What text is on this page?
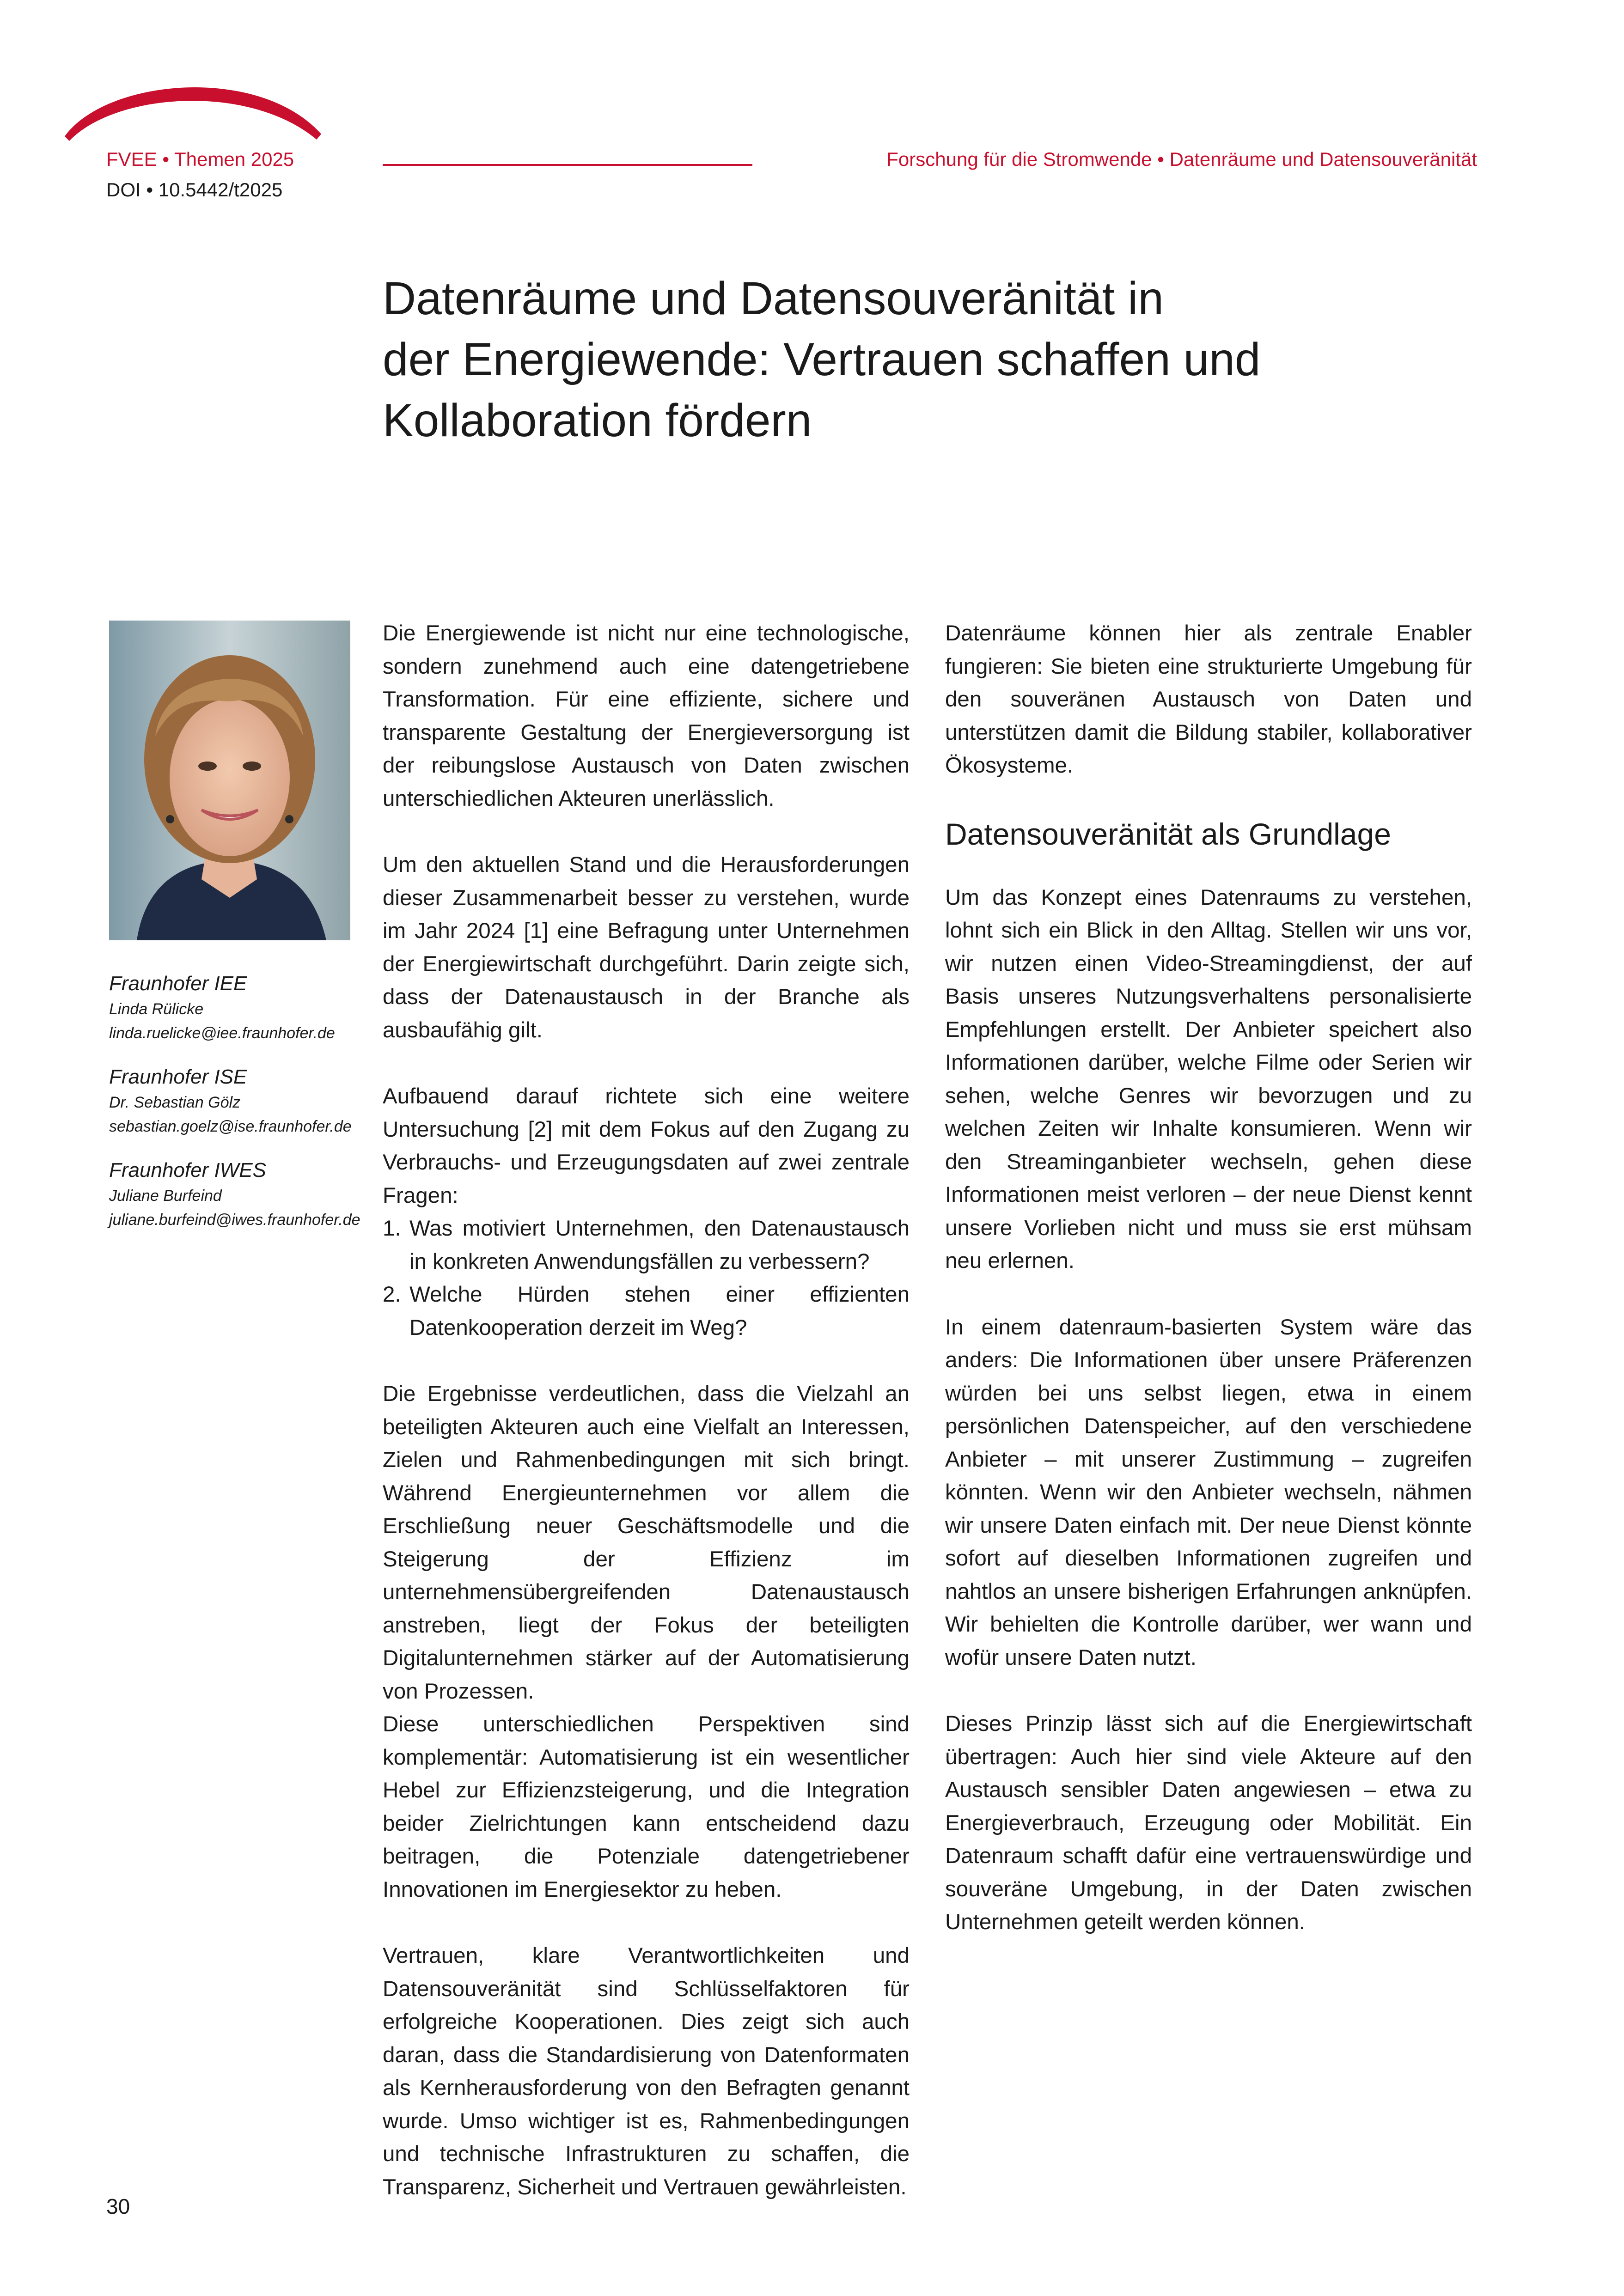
FVEE • Themen 2025
DOI • 10.5442/t2025
Forschung für die Stromwende • Datenräume und Datensouveränität
Datenräume und Datensouveränität in
der Energiewende: Vertrauen schaffen und
Kollaboration fördern
Fraunhofer IEE
Linda Rülicke
linda.ruelicke@iee.fraunhofer.de
Fraunhofer ISE
Dr. Sebastian Gölz
sebastian.goelz@ise.fraunhofer.de
Fraunhofer IWES
Juliane Burfeind
juliane.burfeind@iwes.fraunhofer.de

Die Energiewende ist nicht nur eine technologische, sondern zunehmend auch eine datengetriebene Transformation. Für eine effiziente, sichere und transparente Gestaltung der Energieversorgung ist der reibungslose Austausch von Daten zwischen unterschiedlichen Akteuren unerlässlich.

Um den aktuellen Stand und die Herausforderungen dieser Zusammenarbeit besser zu verstehen, wurde im Jahr 2024 [1] eine Befragung unter Unternehmen der Energiewirtschaft durchgeführt. Darin zeigte sich, dass der Datenaustausch in der Branche als ausbaufähig gilt.

Aufbauend darauf richtete sich eine weitere Untersuchung [2] mit dem Fokus auf den Zugang zu Verbrauchs- und Erzeugungsdaten auf zwei zentrale Fragen:

1. Was motiviert Unternehmen, den Datenaustausch in konkreten Anwendungsfällen zu verbessern?
2. Welche Hürden stehen einer effizienten Datenkooperation derzeit im Weg?

Die Ergebnisse verdeutlichen, dass die Vielzahl an beteiligten Akteuren auch eine Vielfalt an Interessen, Zielen und Rahmenbedingungen mit sich bringt. Während Energieunternehmen vor allem die Erschließung neuer Geschäftsmodelle und die Steigerung der Effizienz im unternehmensübergreifenden Datenaustausch anstreben, liegt der Fokus der beteiligten Digitalunternehmen stärker auf der Automatisierung von Prozessen.

Diese unterschiedlichen Perspektiven sind komplementär: Automatisierung ist ein wesentlicher Hebel zur Effizienzsteigerung, und die Integration beider Zielrichtungen kann entscheidend dazu beitragen, die Potenziale datengetriebener Innovationen im Energiesektor zu heben.

Vertrauen, klare Verantwortlichkeiten und Datensouveränität sind Schlüsselfaktoren für erfolgreiche Kooperationen. Dies zeigt sich auch daran, dass die Standardisierung von Datenformaten als Kernherausforderung von den Befragten genannt wurde. Umso wichtiger ist es, Rahmenbedingungen und technische Infrastrukturen zu schaffen, die Transparenz, Sicherheit und Vertrauen gewährleisten.

Datenräume können hier als zentrale Enabler fungieren: Sie bieten eine strukturierte Umgebung für den souveränen Austausch von Daten und unterstützen damit die Bildung stabiler, kollaborativer Ökosysteme.

Datensouveränität als Grundlage

Um das Konzept eines Datenraums zu verstehen, lohnt sich ein Blick in den Alltag. Stellen wir uns vor, wir nutzen einen Video-Streamingdienst, der auf Basis unseres Nutzungsverhaltens personalisierte Empfehlungen erstellt. Der Anbieter speichert also Informationen darüber, welche Filme oder Serien wir sehen, welche Genres wir bevorzugen und zu welchen Zeiten wir Inhalte konsumieren. Wenn wir den Streaminganbieter wechseln, gehen diese Informationen meist verloren – der neue Dienst kennt unsere Vorlieben nicht und muss sie erst mühsam neu erlernen.

In einem datenraum-basierten System wäre das anders: Die Informationen über unsere Präferenzen würden bei uns selbst liegen, etwa in einem persönlichen Datenspeicher, auf den verschiedene Anbieter – mit unserer Zustimmung – zugreifen könnten. Wenn wir den Anbieter wechseln, nähmen wir unsere Daten einfach mit. Der neue Dienst könnte sofort auf dieselben Informationen zugreifen und nahtlos an unsere bisherigen Erfahrungen anknüpfen. Wir behielten die Kontrolle darüber, wer wann und wofür unsere Daten nutzt.

Dieses Prinzip lässt sich auf die Energiewirtschaft übertragen: Auch hier sind viele Akteure auf den Austausch sensibler Daten angewiesen – etwa zu Energieverbrauch, Erzeugung oder Mobilität. Ein Datenraum schafft dafür eine vertrauenswürdige und souveräne Umgebung, in der Daten zwischen Unternehmen geteilt werden können.

30
